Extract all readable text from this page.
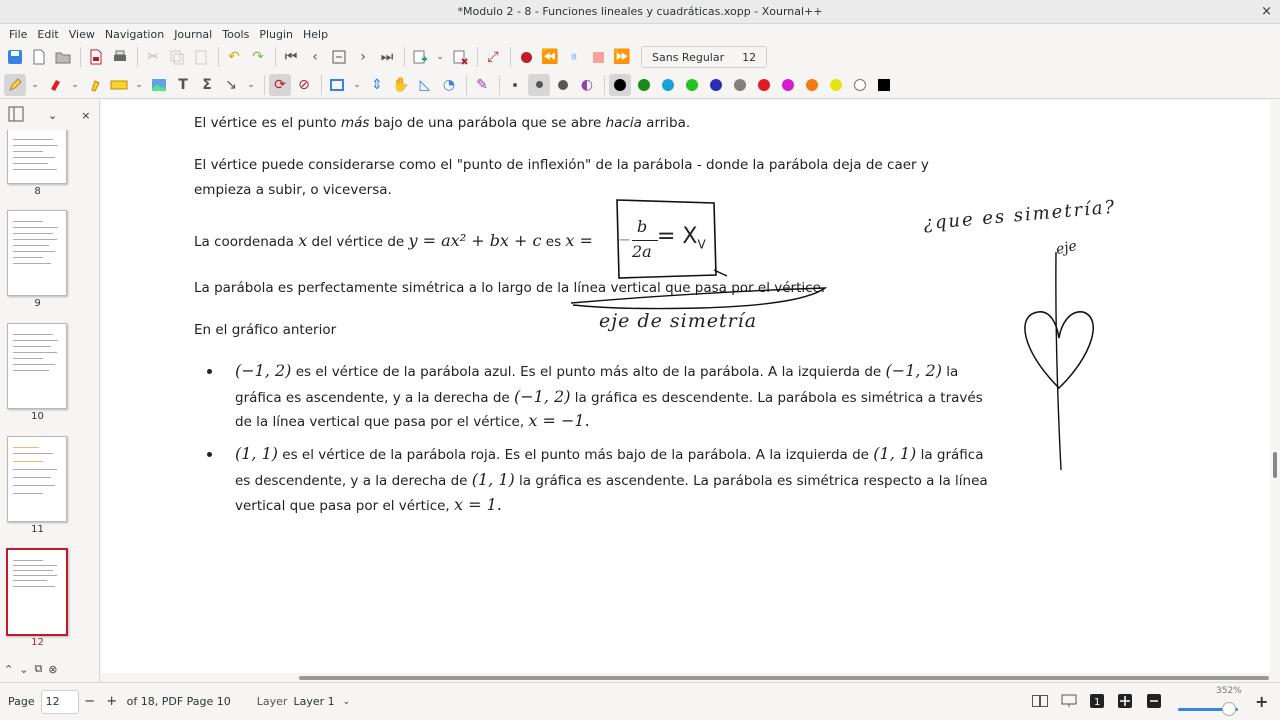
*Modulo 2 - 8 - Funciones lineales y cuadráticas.xopp - Xournal++	×
File Edit View Navigation Journal Tools Plugin Help
✂	↶ ↷	⏮	‹	›	⏭	⌄	⤢	⏪ ⏸	⏩ Sans Regular 12
⌄	⌄	⌄	T	Σ ↘	⌄	⟳ ⊘	⌄ ⇕ ✋ ◺ ◔	✎	◐
⌄ ×
8
9
10
11
12
⌃ ⌄ ⧉ ⊗
El vértice es el punto más bajo de una parábola que se abre hacia arriba.
El vértice puede considerarse como el "punto de inflexión" de la parábola - donde la parábola deja de caer y
empieza a subir, o viceversa.
La coordenada x del vértice de y = ax² + bx + c es x = −
b
2a
La parábola es perfectamente simétrica a lo largo de la línea vertical que pasa por el vértice.
En el gráfico anterior
(−1, 2) es el vértice de la parábola azul. Es el punto más alto de la parábola. A la izquierda de (−1, 2) la
gráfica es ascendente, y a la derecha de (−1, 2) la gráfica es descendente. La parábola es simétrica a través
de la línea vertical que pasa por el vértice, x = −1.
(1, 1) es el vértice de la parábola roja. Es el punto más bajo de la parábola. A la izquierda de (1, 1) la gráfica
es descendente, y a la derecha de (1, 1) la gráfica es ascendente. La parábola es simétrica respecto a la línea
vertical que pasa por el vértice, x = 1.
= $X_V$
eje de simetría
¿que es simetría?
eje
Page 12	− + of 18, PDF Page 10 Layer Layer 1 ⌄	1
352%
+
